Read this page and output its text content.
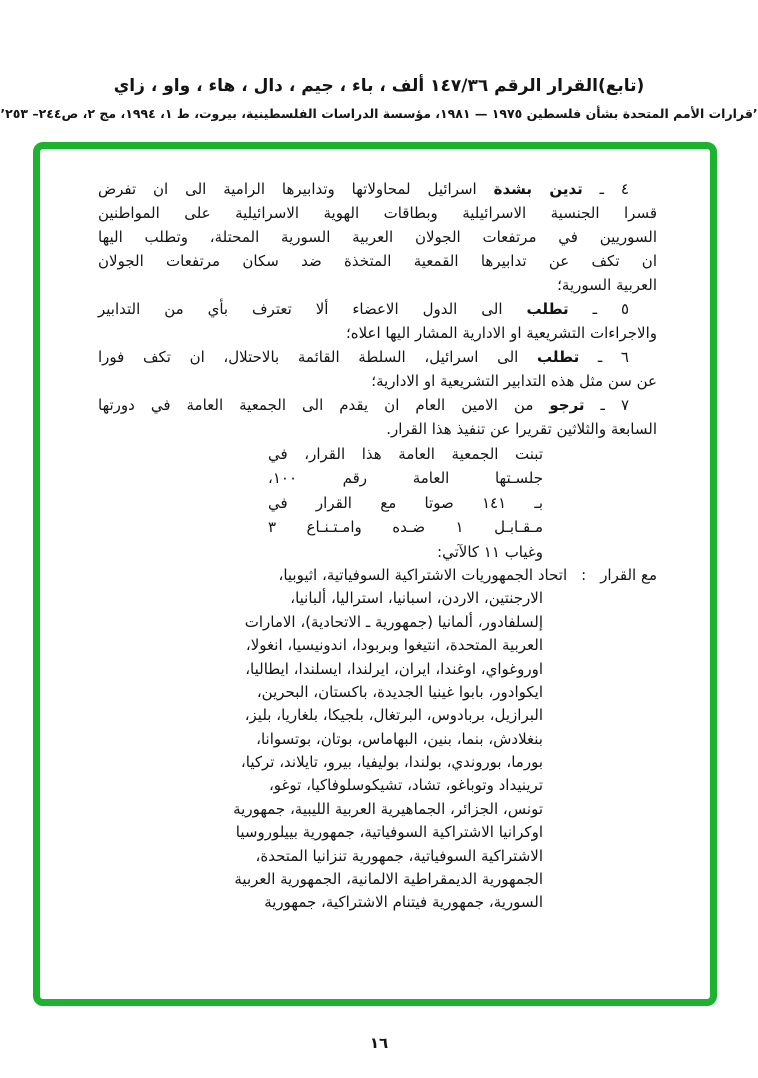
(تابع)القرار الرقم ١٤٧/٣٦ ألف ، باء ، جيم ، دال ، هاء ، واو ، زاي
’قرارات الأمم المتحدة بشأن فلسطين ١٩٧٥ — ١٩٨١، مؤسسة الدراسات الفلسطينية، بيروت، ط ١، ١٩٩٤، مج ٢، ص٢٤٤– ٢٥٣’
٤ ـ تدين بشدة اسرائيل لمحاولاتها وتدابيرها الرامية الى ان تفرض
قسرا الجنسية الاسرائيلية وبطاقات الهوية الاسرائيلية على المواطنين
السوريين في مرتفعات الجولان العربية السورية المحتلة، وتطلب اليها
ان تكف عن تدابيرها القمعية المتخذة ضد سكان مرتفعات الجولان
العربية السورية؛
٥ ـ تطلب الى الدول الاعضاء ألا تعترف بأي من التدابير
والاجراءات التشريعية او الادارية المشار اليها اعلاه؛
٦ ـ تطلب الى اسرائيل، السلطة القائمة بالاحتلال، ان تكف فورا
عن سن مثل هذه التدابير التشريعية او الادارية؛
٧ ـ ترجو من الامين العام ان يقدم الى الجمعية العامة في دورتها
السابعة والثلاثين تقريرا عن تنفيذ هذا القرار.
تبنت الجمعية العامة هذا القرار، في
جلسـتها العامة رقم ١٠٠،
بـ ١٤١ صوتا مع القرار في
مـقـابـل ١ ضـده وامـتـنـاع ٣
وغياب ١١ كالآتي:
مع القرار
:
اتحاد الجمهوريات الاشتراكية السوفياتية، اثيوبيا،
الارجنتين، الاردن، اسبانيا، استراليا، ألبانيا،
إلسلفادور، ألمانيا (جمهورية ـ الاتحادية)، الامارات
العربية المتحدة، انتيغوا وبربودا، اندونيسيا، انغولا،
اوروغواي، اوغندا، ايران، ايرلندا، ايسلندا، ايطاليا،
ايكوادور، بابوا غينيا الجديدة، باكستان، البحرين،
البرازيل، بربادوس، البرتغال، بلجيكا، بلغاريا، بليز،
بنغلادش، بنما، بنين، البهاماس، بوتان، بوتسوانا،
بورما، بوروندي، بولندا، بوليفيا، بيرو، تايلاند، تركيا،
ترينيداد وتوباغو، تشاد، تشيكوسلوفاكيا، توغو،
تونس، الجزائر، الجماهيرية العربية الليبية، جمهورية
اوكرانيا الاشتراكية السوفياتية، جمهورية بييلوروسيا
الاشتراكية السوفياتية، جمهورية تنزانيا المتحدة،
الجمهورية الديمقراطية الالمانية، الجمهورية العربية
السورية، جمهورية فيتنام الاشتراكية، جمهورية
١٦
